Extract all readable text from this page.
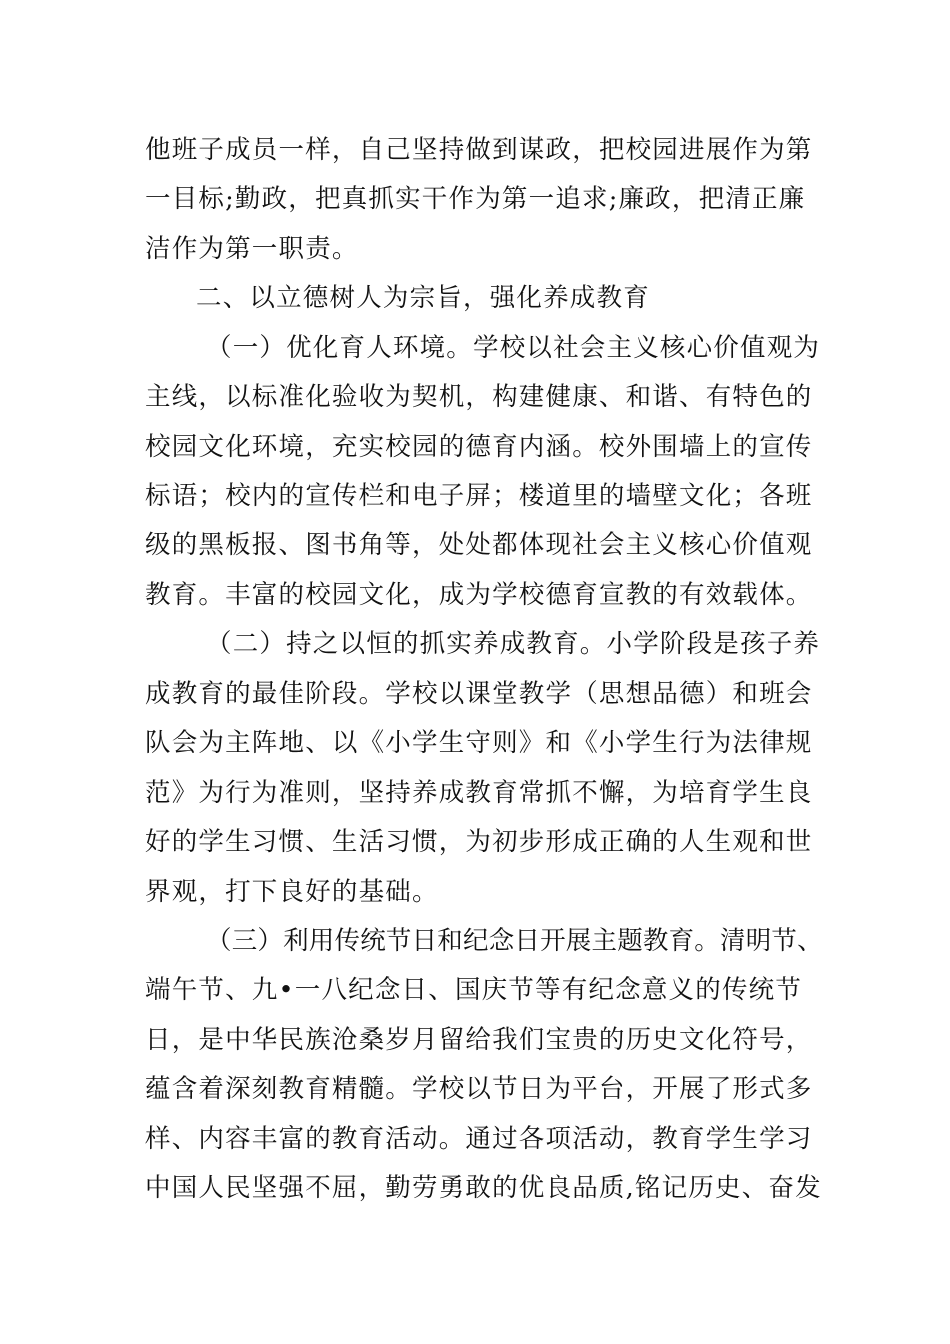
他班子成员一样，自己坚持做到谋政，把校园进展作为第
一目标;勤政，把真抓实干作为第一追求;廉政，把清正廉
洁作为第一职责。
二、以立德树人为宗旨，强化养成教育
（一）优化育人环境。学校以社会主义核心价值观为
主线，以标准化验收为契机，构建健康、和谐、有特色的
校园文化环境，充实校园的德育内涵。校外围墙上的宣传
标语；校内的宣传栏和电子屏；楼道里的墙壁文化；各班
级的黑板报、图书角等，处处都体现社会主义核心价值观
教育。丰富的校园文化，成为学校德育宣教的有效载体。
（二）持之以恒的抓实养成教育。小学阶段是孩子养
成教育的最佳阶段。学校以课堂教学（思想品德）和班会
队会为主阵地、以《小学生守则》和《小学生行为法律规
范》为行为准则，坚持养成教育常抓不懈，为培育学生良
好的学生习惯、生活习惯，为初步形成正确的人生观和世
界观，打下良好的基础。
（三）利用传统节日和纪念日开展主题教育。清明节、
端午节、九•一八纪念日、国庆节等有纪念意义的传统节
日，是中华民族沧桑岁月留给我们宝贵的历史文化符号，
蕴含着深刻教育精髓。学校以节日为平台，开展了形式多
样、内容丰富的教育活动。通过各项活动，教育学生学习
中国人民坚强不屈，勤劳勇敢的优良品质,铭记历史、奋发
